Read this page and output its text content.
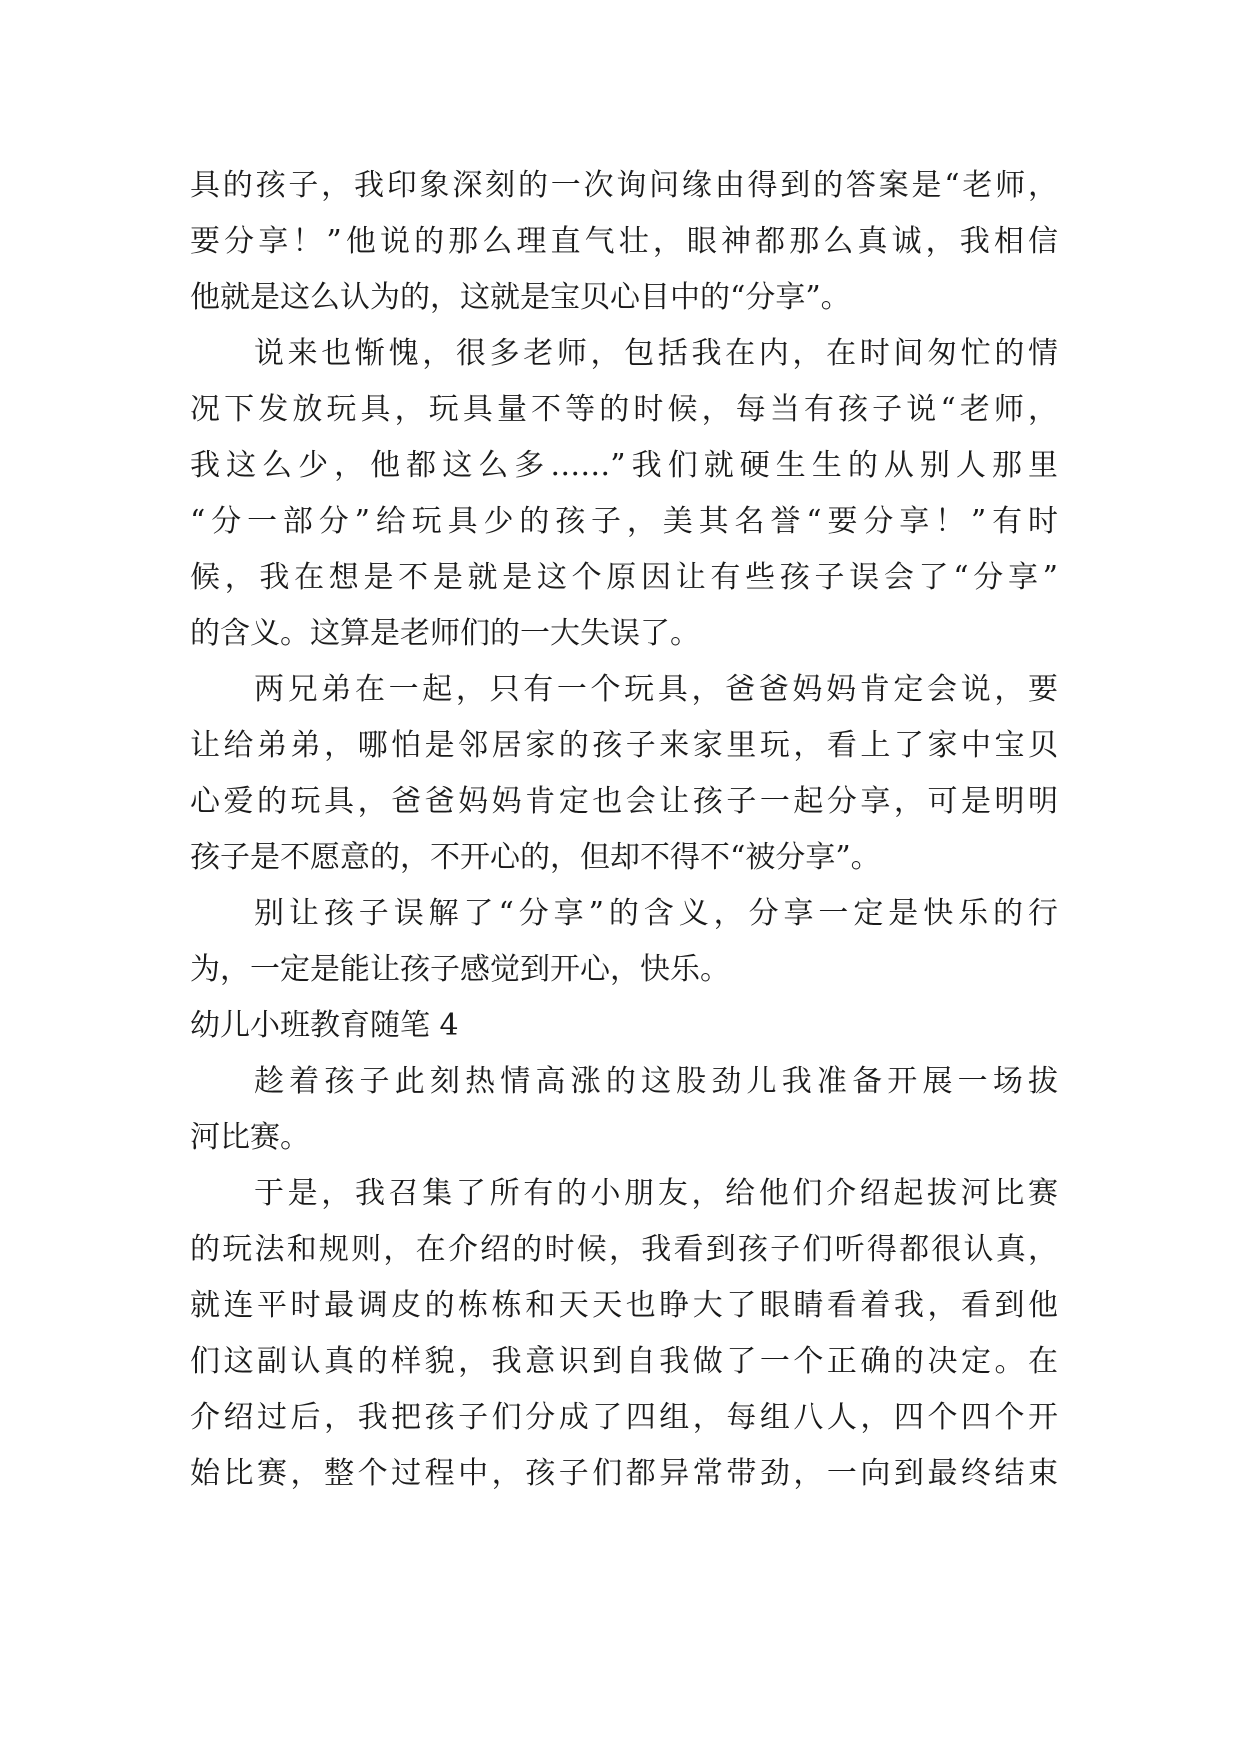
具的孩子，我印象深刻的一次询问缘由得到的答案是“老师，
要分享！”他说的那么理直气壮，眼神都那么真诚，我相信
他就是这么认为的，这就是宝贝心目中的“分享”。
说来也惭愧，很多老师，包括我在内，在时间匆忙的情
况下发放玩具，玩具量不等的时候，每当有孩子说“老师，
我这么少，他都这么多……”我们就硬生生的从别人那里
“分一部分”给玩具少的孩子，美其名誉“要分享！”有时
候，我在想是不是就是这个原因让有些孩子误会了“分享”
的含义。这算是老师们的一大失误了。
两兄弟在一起，只有一个玩具，爸爸妈妈肯定会说，要
让给弟弟，哪怕是邻居家的孩子来家里玩，看上了家中宝贝
心爱的玩具，爸爸妈妈肯定也会让孩子一起分享，可是明明
孩子是不愿意的，不开心的，但却不得不“被分享”。
别让孩子误解了“分享”的含义，分享一定是快乐的行
为，一定是能让孩子感觉到开心，快乐。
幼儿小班教育随笔 4
趁着孩子此刻热情高涨的这股劲儿我准备开展一场拔
河比赛。
于是，我召集了所有的小朋友，给他们介绍起拔河比赛
的玩法和规则，在介绍的时候，我看到孩子们听得都很认真，
就连平时最调皮的栋栋和天天也睁大了眼睛看着我，看到他
们这副认真的样貌，我意识到自我做了一个正确的决定。在
介绍过后，我把孩子们分成了四组，每组八人，四个四个开
始比赛，整个过程中，孩子们都异常带劲，一向到最终结束
